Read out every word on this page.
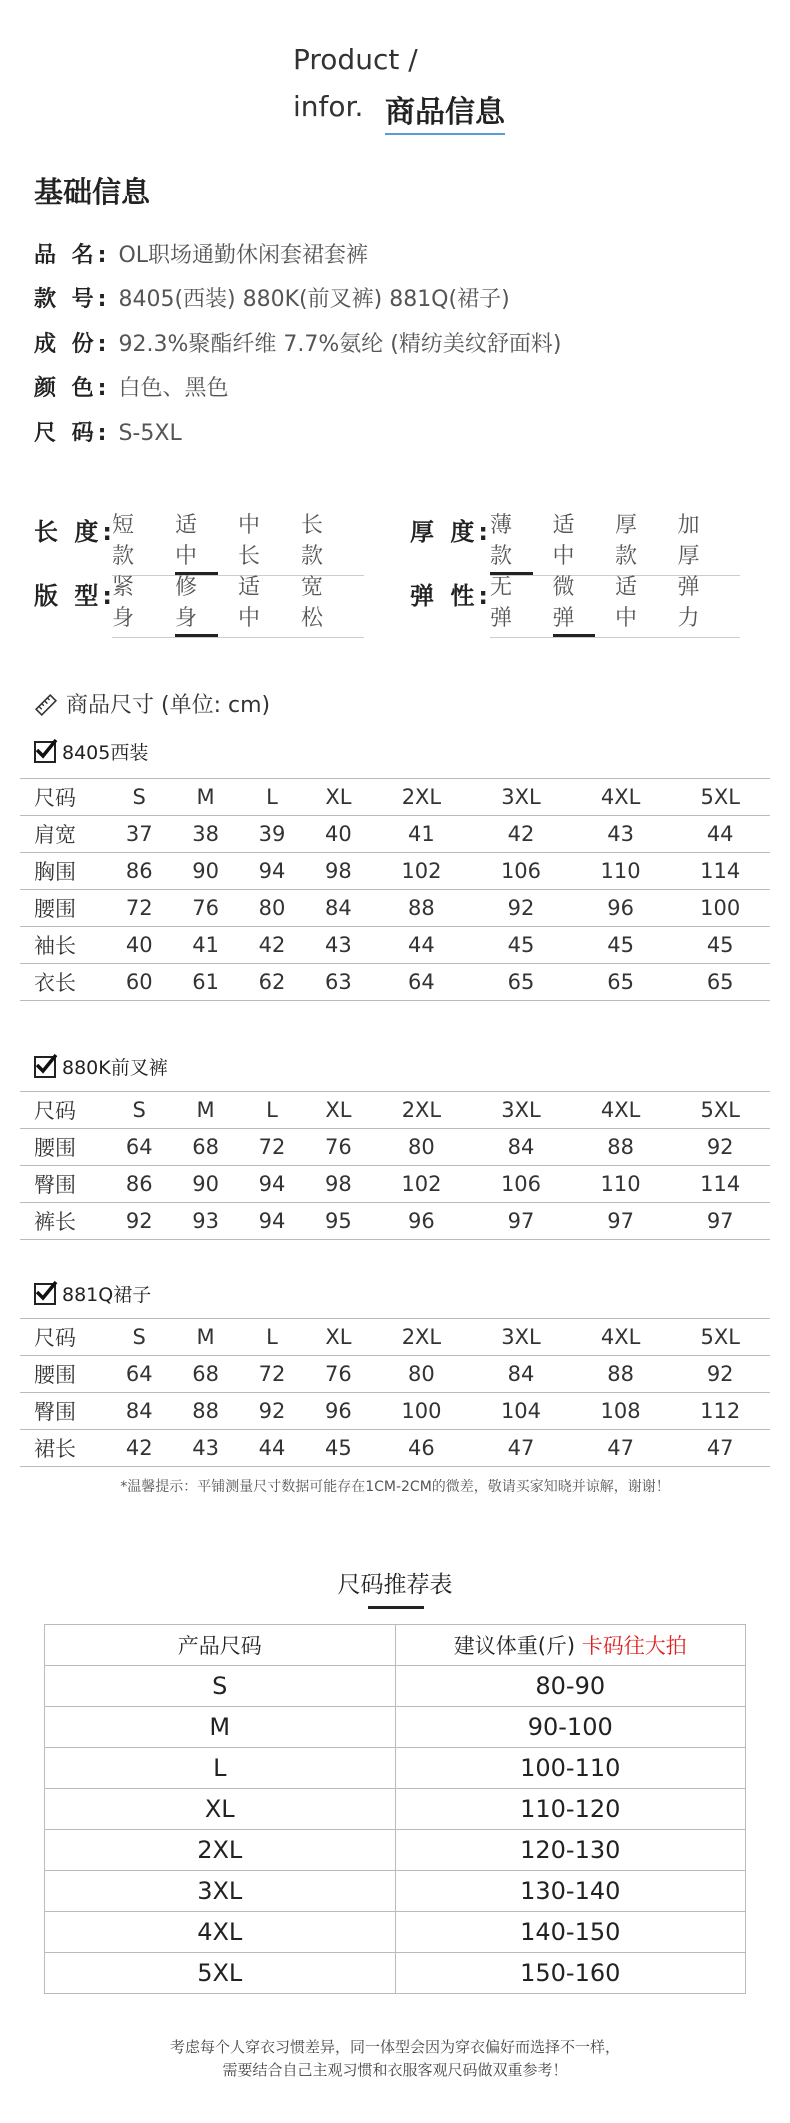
Product /
infor. 商品信息
基础信息
品 名: OL职场通勤休闲套裙套裤
款 号: 8405(西装) 880K(前叉裤) 881Q(裙子)
成 份: 92.3%聚酯纤维 7.7%氨纶 (精纺美纹舒面料)
颜 色: 白色、黑色
尺 码: S-5XL
长 度:
短款
适中
中长
长款
厚 度:
薄款
适中
厚款
加厚
版 型:
紧身
修身
适中
宽松
弹 性:
无弹
微弹
适中
弹力
商品尺寸 (单位: cm)
8405西装
尺码	S	M	L	XL	2XL	3XL	4XL	5XL
肩宽	37	38	39	40	41	42	43	44
胸围	86	90	94	98	102	106	110	114
腰围	72	76	80	84	88	92	96	100
袖长	40	41	42	43	44	45	45	45
衣长	60	61	62	63	64	65	65	65
880K前叉裤
尺码	S	M	L	XL	2XL	3XL	4XL	5XL
腰围	64	68	72	76	80	84	88	92
臀围	86	90	94	98	102	106	110	114
裤长	92	93	94	95	96	97	97	97
881Q裙子
尺码	S	M	L	XL	2XL	3XL	4XL	5XL
腰围	64	68	72	76	80	84	88	92
臀围	84	88	92	96	100	104	108	112
裙长	42	43	44	45	46	47	47	47
*温馨提示：平铺测量尺寸数据可能存在1CM-2CM的微差，敬请买家知晓并谅解，谢谢！
尺码推荐表
产品尺码	建议体重(斤) 卡码往大拍
S	80-90
M	90-100
L	100-110
XL	110-120
2XL	120-130
3XL	130-140
4XL	140-150
5XL	150-160
考虑每个人穿衣习惯差异，同一体型会因为穿衣偏好而选择不一样，
需要结合自己主观习惯和衣服客观尺码做双重参考！
